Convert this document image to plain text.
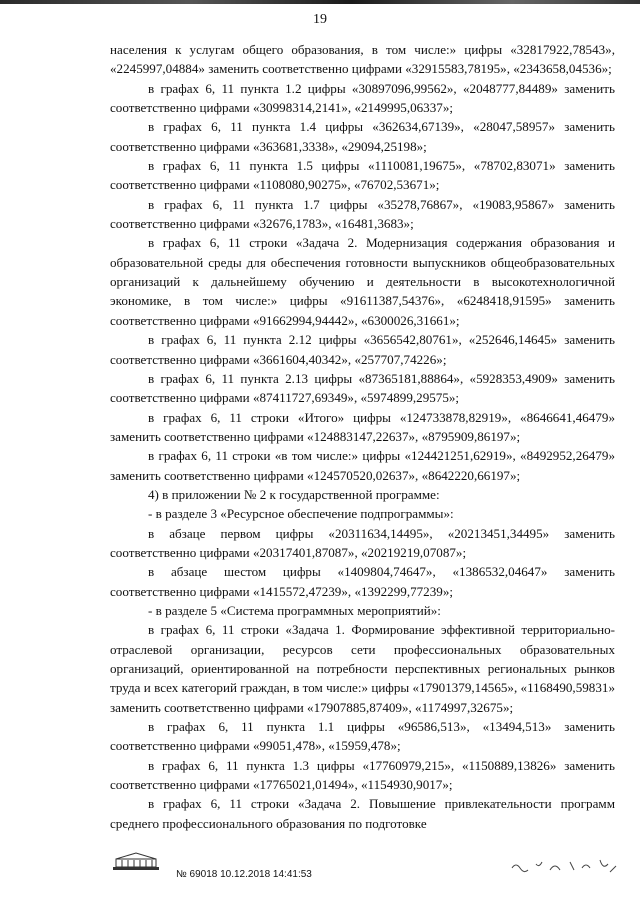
19

населения к услугам общего образования, в том числе:» цифры «32817922,78543», «2245997,04884» заменить соответственно цифрами «32915583,78195», «2343658,04536»;

в графах 6, 11 пункта 1.2 цифры «30897096,99562», «2048777,84489» заменить соответственно цифрами «30998314,2141», «2149995,06337»;

в графах 6, 11 пункта 1.4 цифры «362634,67139», «28047,58957» заменить соответственно цифрами «363681,3338», «29094,25198»;

в графах 6, 11 пункта 1.5 цифры «1110081,19675», «78702,83071» заменить соответственно цифрами «1108080,90275», «76702,53671»;

в графах 6, 11 пункта 1.7 цифры «35278,76867», «19083,95867» заменить соответственно цифрами «32676,1783», «16481,3683»;

в графах 6, 11 строки «Задача 2. Модернизация содержания образования и образовательной среды для обеспечения готовности выпускников общеобразовательных организаций к дальнейшему обучению и деятельности в высокотехнологичной экономике, в том числе:» цифры «91611387,54376», «6248418,91595» заменить соответственно цифрами «91662994,94442», «6300026,31661»;

в графах 6, 11 пункта 2.12 цифры «3656542,80761», «252646,14645» заменить соответственно цифрами «3661604,40342», «257707,74226»;

в графах 6, 11 пункта 2.13 цифры «87365181,88864», «5928353,4909» заменить соответственно цифрами «87411727,69349», «5974899,29575»;

в графах 6, 11 строки «Итого» цифры «124733878,82919», «8646641,46479» заменить соответственно цифрами «124883147,22637», «8795909,86197»;

в графах 6, 11 строки «в том числе:» цифры «124421251,62919», «8492952,26479» заменить соответственно цифрами «124570520,02637», «8642220,66197»;

4) в приложении № 2 к государственной программе:

- в разделе 3 «Ресурсное обеспечение подпрограммы»:

в абзаце первом цифры «20311634,14495», «20213451,34495» заменить соответственно цифрами «20317401,87087», «20219219,07087»;

в абзаце шестом цифры «1409804,74647», «1386532,04647» заменить соответственно цифрами «1415572,47239», «1392299,77239»;

- в разделе 5 «Система программных мероприятий»:

в графах 6, 11 строки «Задача 1. Формирование эффективной территориально-отраслевой организации, ресурсов сети профессиональных образовательных организаций, ориентированной на потребности перспективных региональных рынков труда и всех категорий граждан, в том числе:» цифры «17901379,14565», «1168490,59831» заменить соответственно цифрами «17907885,87409», «1174997,32675»;

в графах 6, 11 пункта 1.1 цифры «96586,513», «13494,513» заменить соответственно цифрами «99051,478», «15959,478»;

в графах 6, 11 пункта 1.3 цифры «17760979,215», «1150889,13826» заменить соответственно цифрами «17765021,01494», «1154930,9017»;

в графах 6, 11 строки «Задача 2. Повышение привлекательности программ среднего профессионального образования по подготовке

№ 69018 10.12.2018 14:41:53
